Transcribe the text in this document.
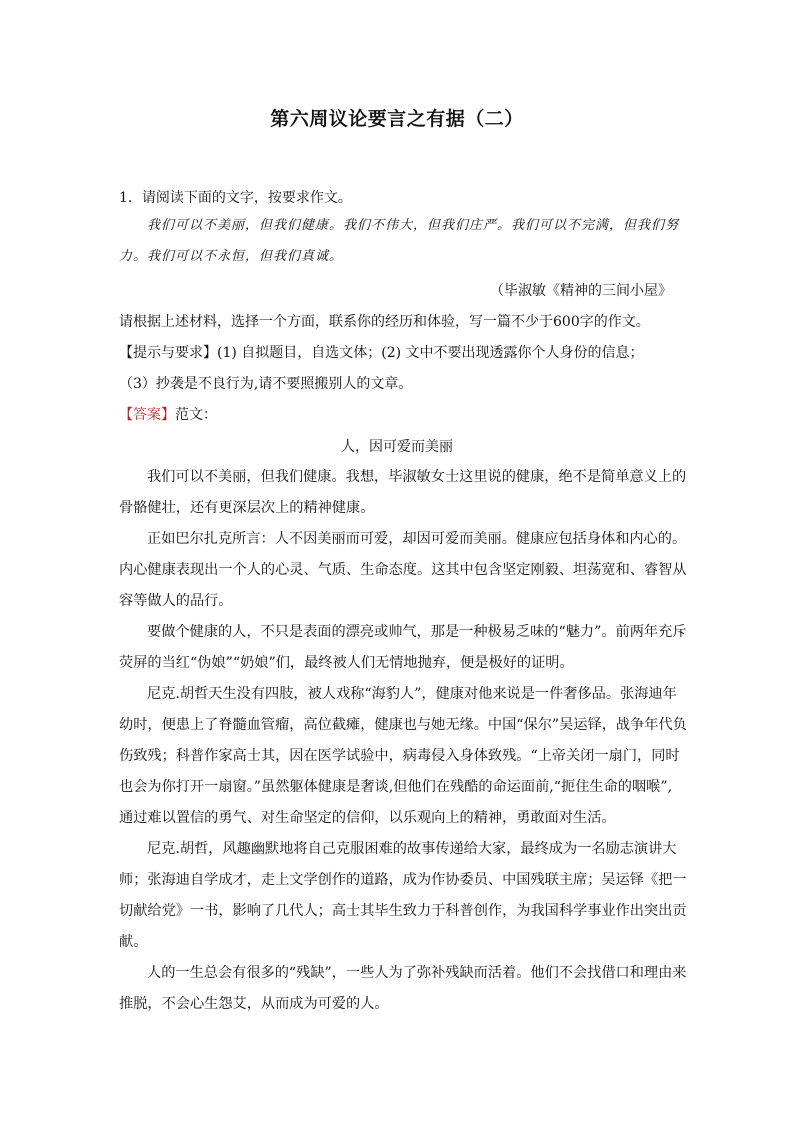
第六周议论要言之有据（二）
1．请阅读下面的文字，按要求作文。
我们可以不美丽，但我们健康。我们不伟大，但我们庄严。我们可以不完满，但我们努
力。我们可以不永恒，但我们真诚。
（毕淑敏《精神的三间小屋》
请根据上述材料，选择一个方面，联系你的经历和体验，写一篇不少于600字的作文。
【提示与要求】(1) 自拟题目，自选文体；(2) 文中不要出现透露你个人身份的信息；
（3）抄袭是不良行为,请不要照搬别人的文章。
【答案】范文：
人，因可爱而美丽
我们可以不美丽，但我们健康。我想，毕淑敏女士这里说的健康，绝不是简单意义上的
骨骼健壮，还有更深层次上的精神健康。
正如巴尔扎克所言：人不因美丽而可爱，却因可爱而美丽。健康应包括身体和内心的。
内心健康表现出一个人的心灵、气质、生命态度。这其中包含坚定刚毅、坦荡宽和、睿智从
容等做人的品行。
要做个健康的人，不只是表面的漂亮或帅气，那是一种极易乏味的“魅力”。前两年充斥
荧屏的当红“伪娘”“奶娘”们，最终被人们无情地抛弃，便是极好的证明。
尼克.胡哲天生没有四肢，被人戏称“海豹人”，健康对他来说是一件奢侈品。张海迪年
幼时，便患上了脊髓血管瘤，高位截瘫，健康也与她无缘。中国“保尔”吴运铎，战争年代负
伤致残；科普作家高士其，因在医学试验中，病毒侵入身体致残。“上帝关闭一扇门，同时
也会为你打开一扇窗。”虽然躯体健康是奢谈,但他们在残酷的命运面前,“扼住生命的咽喉”,
通过难以置信的勇气、对生命坚定的信仰，以乐观向上的精神，勇敢面对生活。
尼克.胡哲，风趣幽默地将自己克服困难的故事传递给大家，最终成为一名励志演讲大
师；张海迪自学成才，走上文学创作的道路，成为作协委员、中国残联主席；吴运铎《把一
切献给党》一书，影响了几代人；高士其毕生致力于科普创作，为我国科学事业作出突出贡
献。
人的一生总会有很多的“残缺”，一些人为了弥补残缺而活着。他们不会找借口和理由来
推脱，不会心生怨艾，从而成为可爱的人。
